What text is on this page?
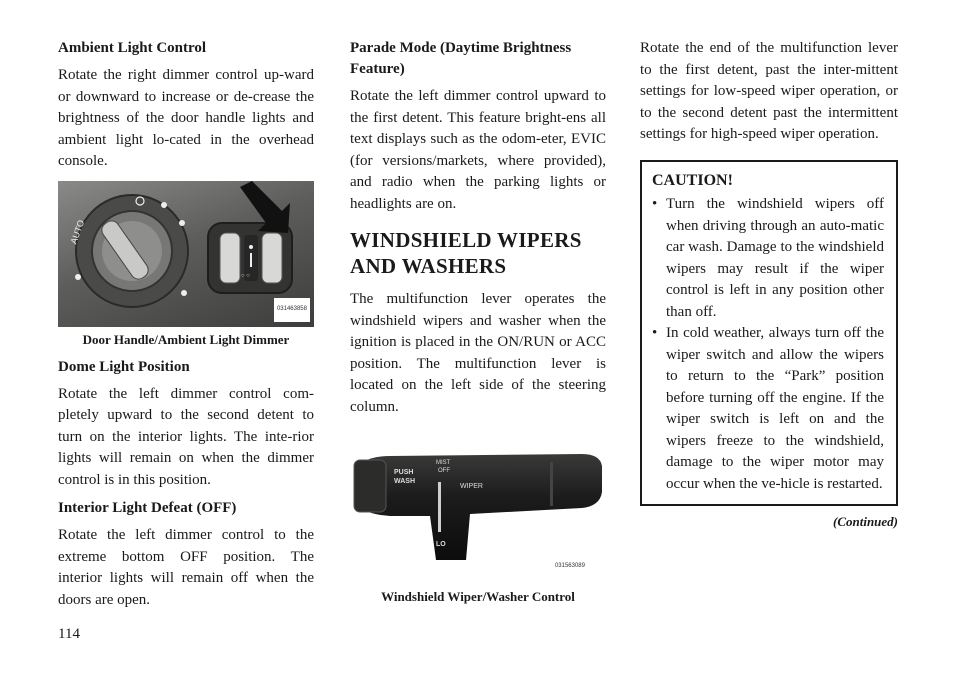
Ambient Light Control

Rotate the right dimmer control up-ward or downward to increase or de-crease the brightness of the door handle lights and ambient light lo-cated in the overhead console.

AUTO
○ ○
031463858
Door Handle/Ambient Light Dimmer
Dome Light Position

Rotate the left dimmer control com-pletely upward to the second detent to turn on the interior lights. The inte-rior lights will remain on when the dimmer control is in this position.

Interior Light Defeat (OFF)

Rotate the left dimmer control to the extreme bottom OFF position. The interior lights will remain off when the doors are open.

Parade Mode (Daytime Brightness Feature)

Rotate the left dimmer control upward to the first detent. This feature bright-ens all text displays such as the odom-eter, EVIC (for versions/markets, where provided), and radio when the parking lights or headlights are on.

WINDSHIELD WIPERS
AND WASHERS

The multifunction lever operates the windshield wipers and washer when the ignition is placed in the ON/RUN or ACC position. The multifunction lever is located on the left side of the steering column.

PUSH
WASH
MIST
OFF
WIPER
LO
031563089
Windshield Wiper/Washer Control

Rotate the end of the multifunction lever to the first detent, past the inter-mittent settings for low-speed wiper operation, or to the second detent past the intermittent settings for high-speed wiper operation.

CAUTION!
• Turn the windshield wipers off when driving through an auto-matic car wash. Damage to the windshield wipers may result if the wiper control is left in any position other than off.
• In cold weather, always turn off the wiper switch and allow the wipers to return to the “Park” position before turning off the engine. If the wiper switch is left on and the wipers freeze to the windshield, damage to the wiper motor may occur when the ve-hicle is restarted.
(Continued)
114
